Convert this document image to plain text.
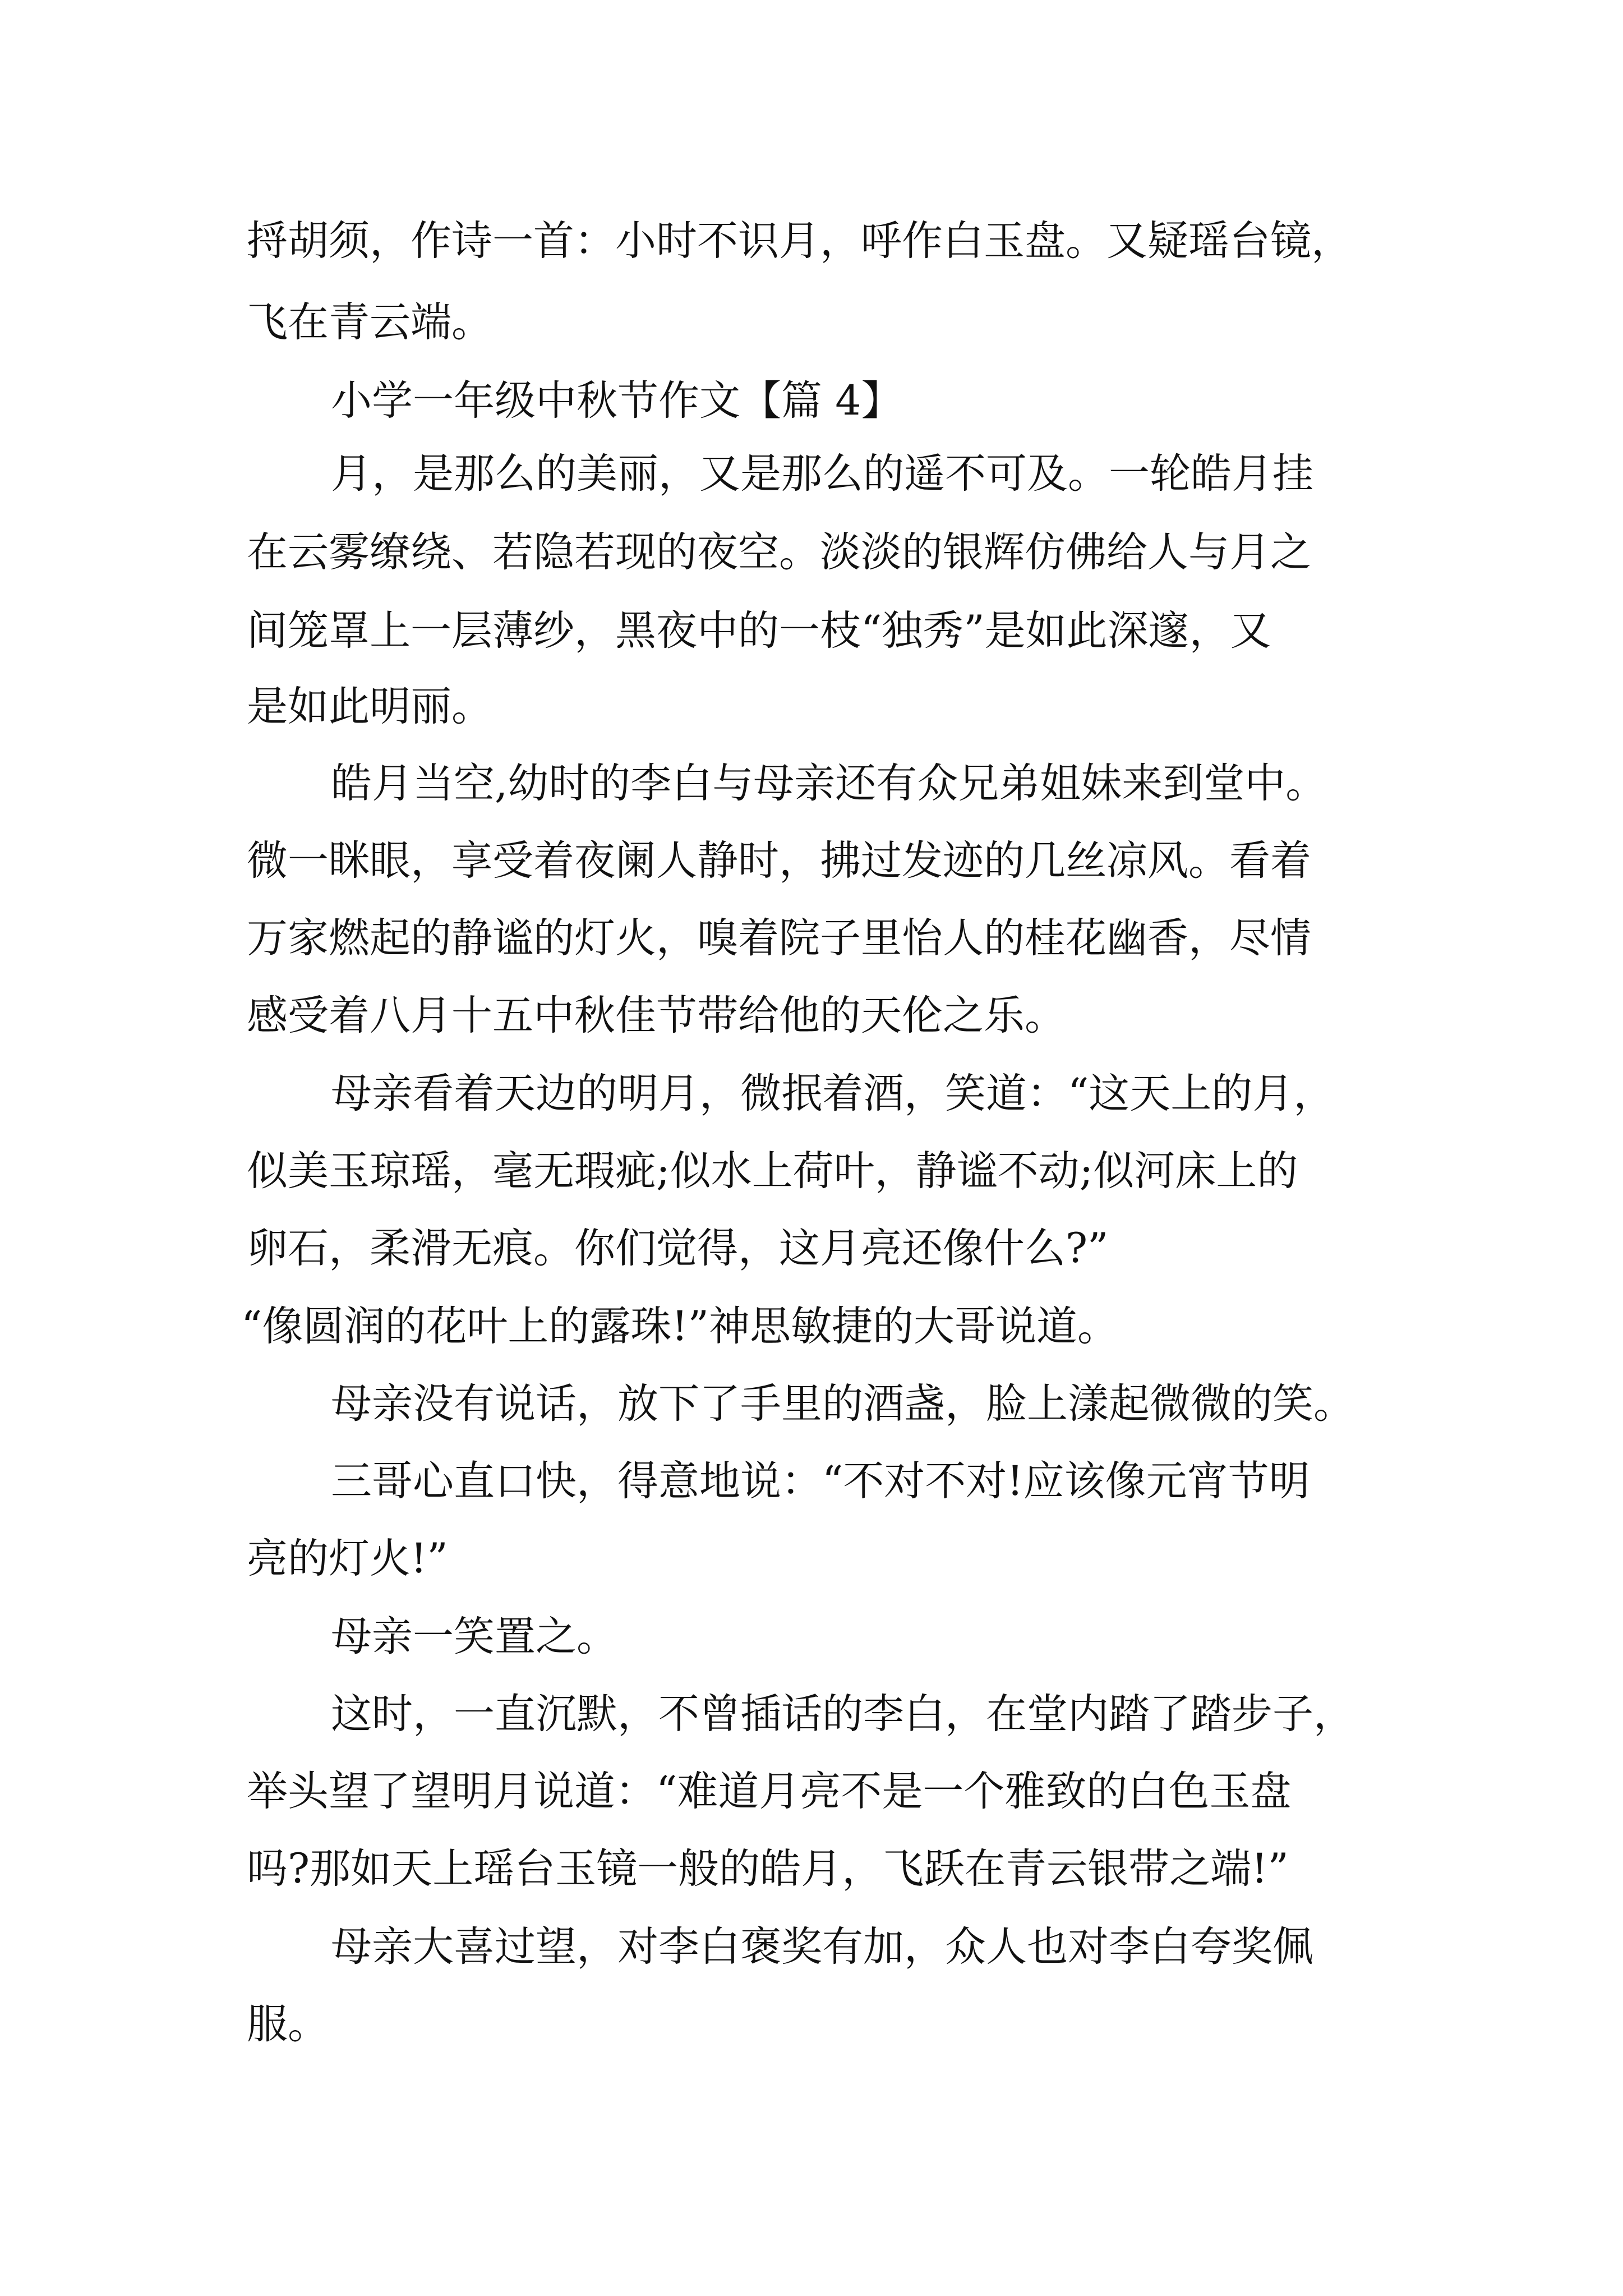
捋胡须，作诗一首：小时不识月，呼作白玉盘。又疑瑶台镜，
飞在青云端。
小学一年级中秋节作文【篇 4】
月，是那么的美丽，又是那么的遥不可及。一轮皓月挂
在云雾缭绕、若隐若现的夜空。淡淡的银辉仿佛给人与月之
间笼罩上一层薄纱，黑夜中的一枝“独秀”是如此深邃，又
是如此明丽。
皓月当空,幼时的李白与母亲还有众兄弟姐妹来到堂中。
微一眯眼，享受着夜阑人静时，拂过发迹的几丝凉风。看着
万家燃起的静谧的灯火，嗅着院子里怡人的桂花幽香，尽情
感受着八月十五中秋佳节带给他的天伦之乐。
母亲看着天边的明月，微抿着酒，笑道：“这天上的月，
似美玉琼瑶，毫无瑕疵;似水上荷叶，静谧不动;似河床上的
卵石，柔滑无痕。你们觉得，这月亮还像什么?”
“像圆润的花叶上的露珠!”神思敏捷的大哥说道。
母亲没有说话，放下了手里的酒盏，脸上漾起微微的笑。
三哥心直口快，得意地说：“不对不对!应该像元宵节明
亮的灯火!”
母亲一笑置之。
这时，一直沉默，不曾插话的李白，在堂内踏了踏步子，
举头望了望明月说道：“难道月亮不是一个雅致的白色玉盘
吗?那如天上瑶台玉镜一般的皓月，飞跃在青云银带之端!”
母亲大喜过望，对李白褒奖有加，众人也对李白夸奖佩
服。
